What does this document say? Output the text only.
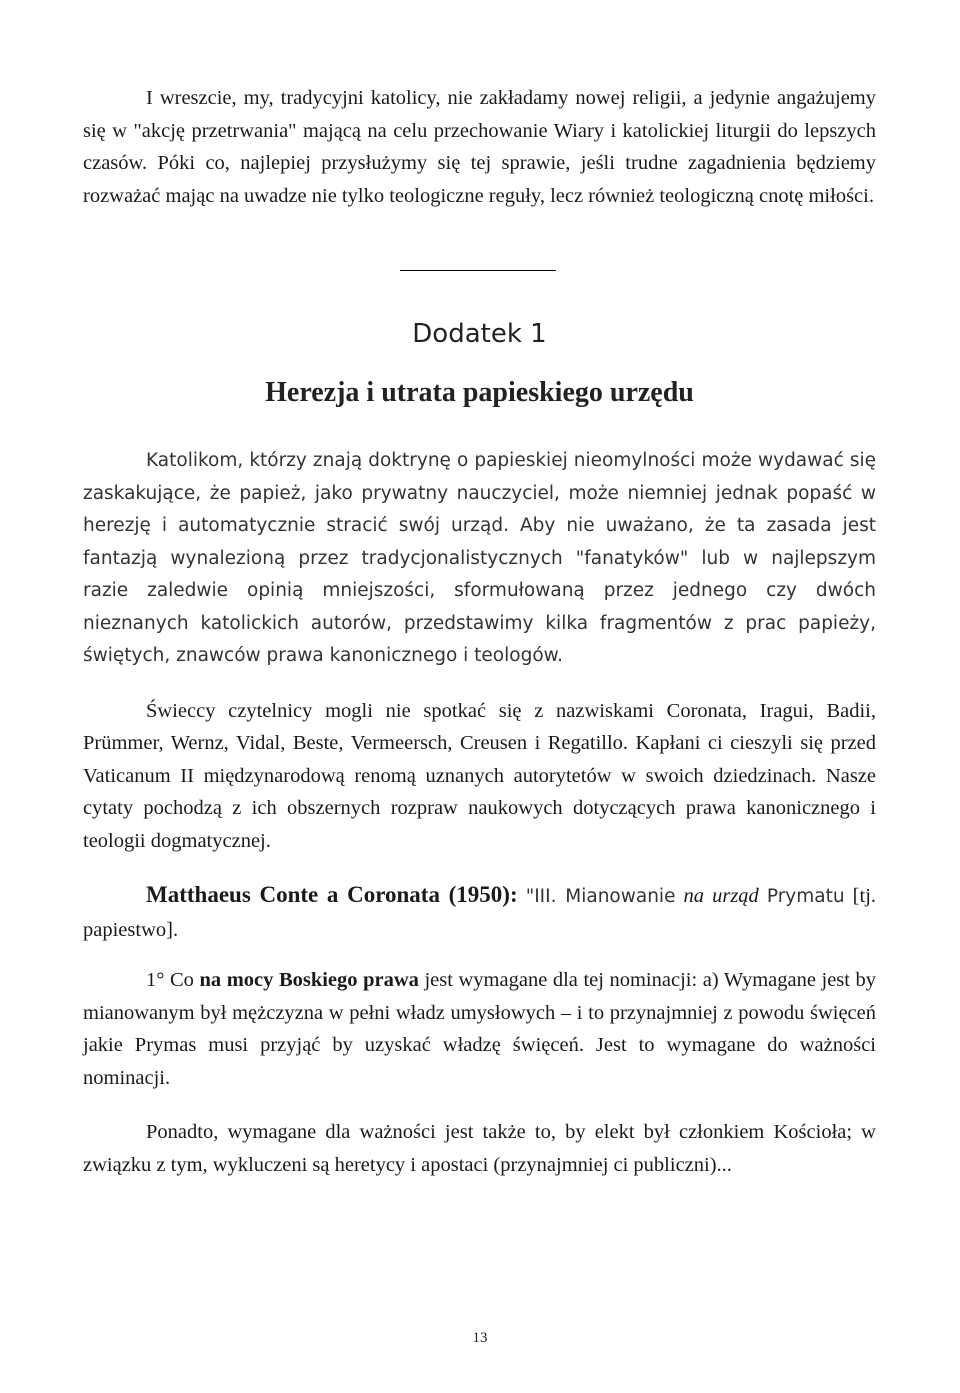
I wreszcie, my, tradycyjni katolicy, nie zakładamy nowej religii, a jedynie angażujemy się w "akcję przetrwania" mającą na celu przechowanie Wiary i katolickiej liturgii do lepszych czasów. Póki co, najlepiej przysłużymy się tej sprawie, jeśli trudne zagadnienia będziemy rozważać mając na uwadze nie tylko teologiczne reguły, lecz również teologiczną cnotę miłości.

Dodatek 1
Herezja i utrata papieskiego urzędu

Katolikom, którzy znają doktrynę o papieskiej nieomylności może wydawać się zaskakujące, że papież, jako prywatny nauczyciel, może niemniej jednak popaść w herezję i automatycznie stracić swój urząd. Aby nie uważano, że ta zasada jest fantazją wynalezioną przez tradycjonalistycznych "fanatyków" lub w najlepszym razie zaledwie opinią mniejszości, sformułowaną przez jednego czy dwóch nieznanych katolickich autorów, przedstawimy kilka fragmentów z prac papieży, świętych, znawców prawa kanonicznego i teologów.

Świeccy czytelnicy mogli nie spotkać się z nazwiskami Coronata, Iragui, Badii, Prümmer, Wernz, Vidal, Beste, Vermeersch, Creusen i Regatillo. Kapłani ci cieszyli się przed Vaticanum II międzynarodową renomą uznanych autorytetów w swoich dziedzinach. Nasze cytaty pochodzą z ich obszernych rozpraw naukowych dotyczących prawa kanonicznego i teologii dogmatycznej.

Matthaeus Conte a Coronata (1950): "III. Mianowanie na urząd Prymatu [tj. papiestwo].

1° Co na mocy Boskiego prawa jest wymagane dla tej nominacji: a) Wymagane jest by mianowanym był mężczyzna w pełni władz umysłowych – i to przynajmniej z powodu święceń jakie Prymas musi przyjąć by uzyskać władzę święceń. Jest to wymagane do ważności nominacji.

Ponadto, wymagane dla ważności jest także to, by elekt był członkiem Kościoła; w związku z tym, wykluczeni są heretycy i apostaci (przynajmniej ci publiczni)...

13
